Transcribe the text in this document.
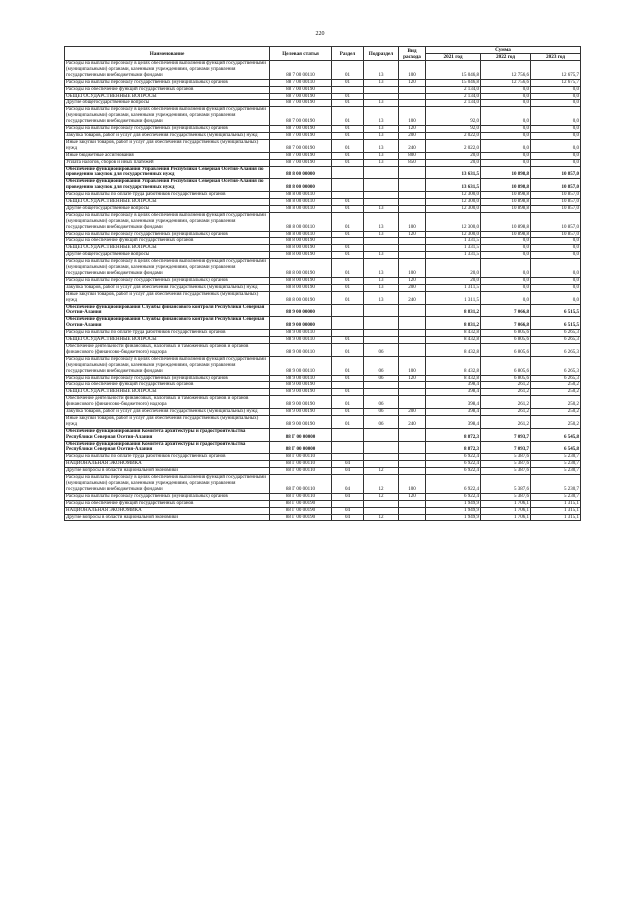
220
Наименование	Целевая статья	Раздел	Подраздел	Вид расхода	Сумма		
					2021 год	2022 год	2023 год
Расходы на выплаты персоналу в целях обеспечения выполнения функций государственными (муниципальными) органами, казенными учреждениями, органами управления государственными внебюджетными фондами	88 7 00 00110	01	13	100	15 046,8	12 756,6	12 675,7
Расходы на выплаты персоналу государственных (муниципальных) органов	88 7 00 00110	01	13	120	15 046,8	12 756,6	12 675,7
Расходы на обеспечение функций государственных органов	88 7 00 00190				2 134,0	0,0	0,0
ОБЩЕГОСУДАРСТВЕННЫЕ ВОПРОСЫ	88 7 00 00190	01			2 134,0	0,0	0,0
Другие общегосударственные вопросы	88 7 00 00190	01	13		2 134,0	0,0	0,0
Расходы на выплаты персоналу в целях обеспечения выполнения функций государственными (муниципальными) органами, казенными учреждениями, органами управления государственными внебюджетными фондами	88 7 00 00190	01	13	100	92,0	0,0	0,0
Расходы на выплаты персоналу государственных (муниципальных) органов	88 7 00 00190	01	13	120	92,0	0,0	0,0
Закупка товаров, работ и услуг для обеспечения государственных (муниципальных) нужд	88 7 00 00190	01	13	200	2 022,0	0,0	0,0
Иные закупки товаров, работ и услуг для обеспечения государственных (муниципальных) нужд	88 7 00 00190	01	13	240	2 022,0	0,0	0,0
Иные бюджетные ассигнования	88 7 00 00190	01	13	800	20,0	0,0	0,0
Уплата налогов, сборов и иных платежей	88 7 00 00190	01	13	850	20,0	0,0	0,0
Обеспечение функционирования Управления Республики Северная Осетия-Алания по проведению закупок для государственных нужд	88 8 00 00000				13 631,5	10 898,8	10 857,0
Обеспечение функционирования Управления Республики Северная Осетия-Алания по проведению закупок для государственных нужд	88 8 00 00000				13 631,5	10 898,8	10 857,0
Расходы на выплаты по оплате труда работников государственных органов	88 8 00 00110				12 300,0	10 898,8	10 857,0
ОБЩЕГОСУДАРСТВЕННЫЕ ВОПРОСЫ	88 8 00 00110	01			12 300,0	10 898,8	10 857,0
Другие общегосударственные вопросы	88 8 00 00110	01	13		12 300,0	10 898,8	10 857,0
Расходы на выплаты персоналу в целях обеспечения выполнения функций государственными (муниципальными) органами, казенными учреждениями, органами управления государственными внебюджетными фондами	88 8 00 00110	01	13	100	12 300,0	10 898,8	10 857,0
Расходы на выплаты персоналу государственных (муниципальных) органов	88 8 00 00110	01	13	120	12 300,0	10 898,8	10 857,0
Расходы на обеспечение функций государственных органов	88 8 00 00190				1 331,5	0,0	0,0
ОБЩЕГОСУДАРСТВЕННЫЕ ВОПРОСЫ	88 8 00 00190	01			1 331,5	0,0	0,0
Другие общегосударственные вопросы	88 8 00 00190	01	13		1 331,5	0,0	0,0
Расходы на выплаты персоналу в целях обеспечения выполнения функций государственными (муниципальными) органами, казенными учреждениями, органами управления государственными внебюджетными фондами	88 8 00 00190	01	13	100	20,0	0,0	0,0
Расходы на выплаты персоналу государственных (муниципальных) органов	88 8 00 00190	01	13	120	20,0	0,0	0,0
Закупка товаров, работ и услуг для обеспечения государственных (муниципальных) нужд	88 8 00 00190	01	13	200	1 311,5	0,0	0,0
Иные закупки товаров, работ и услуг для обеспечения государственных (муниципальных) нужд	88 8 00 00190	01	13	240	1 311,5	0,0	0,0
Обеспечение функционирования Службы финансового контроля Республики Северная Осетия-Алания	88 9 00 00000				8 831,2	7 066,8	6 515,5
Обеспечение функционирования Службы финансового контроля Республики Северная Осетия-Алания	88 9 00 00000				8 831,2	7 066,8	6 515,5
Расходы на выплаты по оплате труда работников государственных органов	88 9 00 00110				8 432,8	6 805,6	6 265,3
ОБЩЕГОСУДАРСТВЕННЫЕ ВОПРОСЫ	88 9 00 00110	01			8 432,8	6 805,6	6 265,3
Обеспечение деятельности финансовых, налоговых и таможенных органов и органов финансового (финансово-бюджетного) надзора	88 9 00 00110	01	06		8 432,8	6 805,6	6 265,3
Расходы на выплаты персоналу в целях обеспечения выполнения функций государственными (муниципальными) органами, казенными учреждениями, органами управления государственными внебюджетными фондами	88 9 00 00110	01	06	100	8 432,8	6 805,6	6 265,3
Расходы на выплаты персоналу государственных (муниципальных) органов	88 9 00 00110	01	06	120	8 432,8	6 805,6	6 265,3
Расходы на обеспечение функций государственных органов	88 9 00 00190				398,4	261,2	250,2
ОБЩЕГОСУДАРСТВЕННЫЕ ВОПРОСЫ	88 9 00 00190	01			398,4	261,2	250,2
Обеспечение деятельности финансовых, налоговых и таможенных органов и органов финансового (финансово-бюджетного) надзора	88 9 00 00190	01	06		398,4	261,2	250,2
Закупка товаров, работ и услуг для обеспечения государственных (муниципальных) нужд	88 9 00 00190	01	06	200	398,4	261,2	250,2
Иные закупки товаров, работ и услуг для обеспечения государственных (муниципальных) нужд	88 9 00 00190	01	06	240	398,4	261,2	250,2
Обеспечение функционирования Комитета архитектуры и градостроительства Республики Северная Осетия-Алания	88 Г 00 00000				8 872,3	7 093,7	6 545,8
Обеспечение функционирования Комитета архитектуры и градостроительства Республики Северная Осетия-Алания	88 Г 00 00000				8 872,3	7 093,7	6 545,8
Расходы на выплаты по оплате труда работников государственных органов	88 Г 00 00110				6 922,4	5 387,6	5 230,7
НАЦИОНАЛЬНАЯ ЭКОНОМИКА	88 Г 00 00110	04			6 922,4	5 387,6	5 230,7
Другие вопросы в области национальной экономики	88 Г 00 00110	04	12		6 922,4	5 387,6	5 230,7
Расходы на выплаты персоналу в целях обеспечения выполнения функций государственными (муниципальными) органами, казенными учреждениями, органами управления государственными внебюджетными фондами	88 Г 00 00110	04	12	100	6 922,4	5 387,6	5 230,7
Расходы на выплаты персоналу государственных (муниципальных) органов	88 Г 00 00110	04	12	120	6 922,4	5 387,6	5 230,7
Расходы на обеспечение функций государственных органов	88 Г 00 00190				1 949,9	1 706,1	1 315,1
НАЦИОНАЛЬНАЯ ЭКОНОМИКА	88 Г 00 00190	04			1 949,9	1 706,1	1 315,1
Другие вопросы в области национальной экономики	88 Г 00 00190	04	12		1 949,9	1 706,1	1 315,1
